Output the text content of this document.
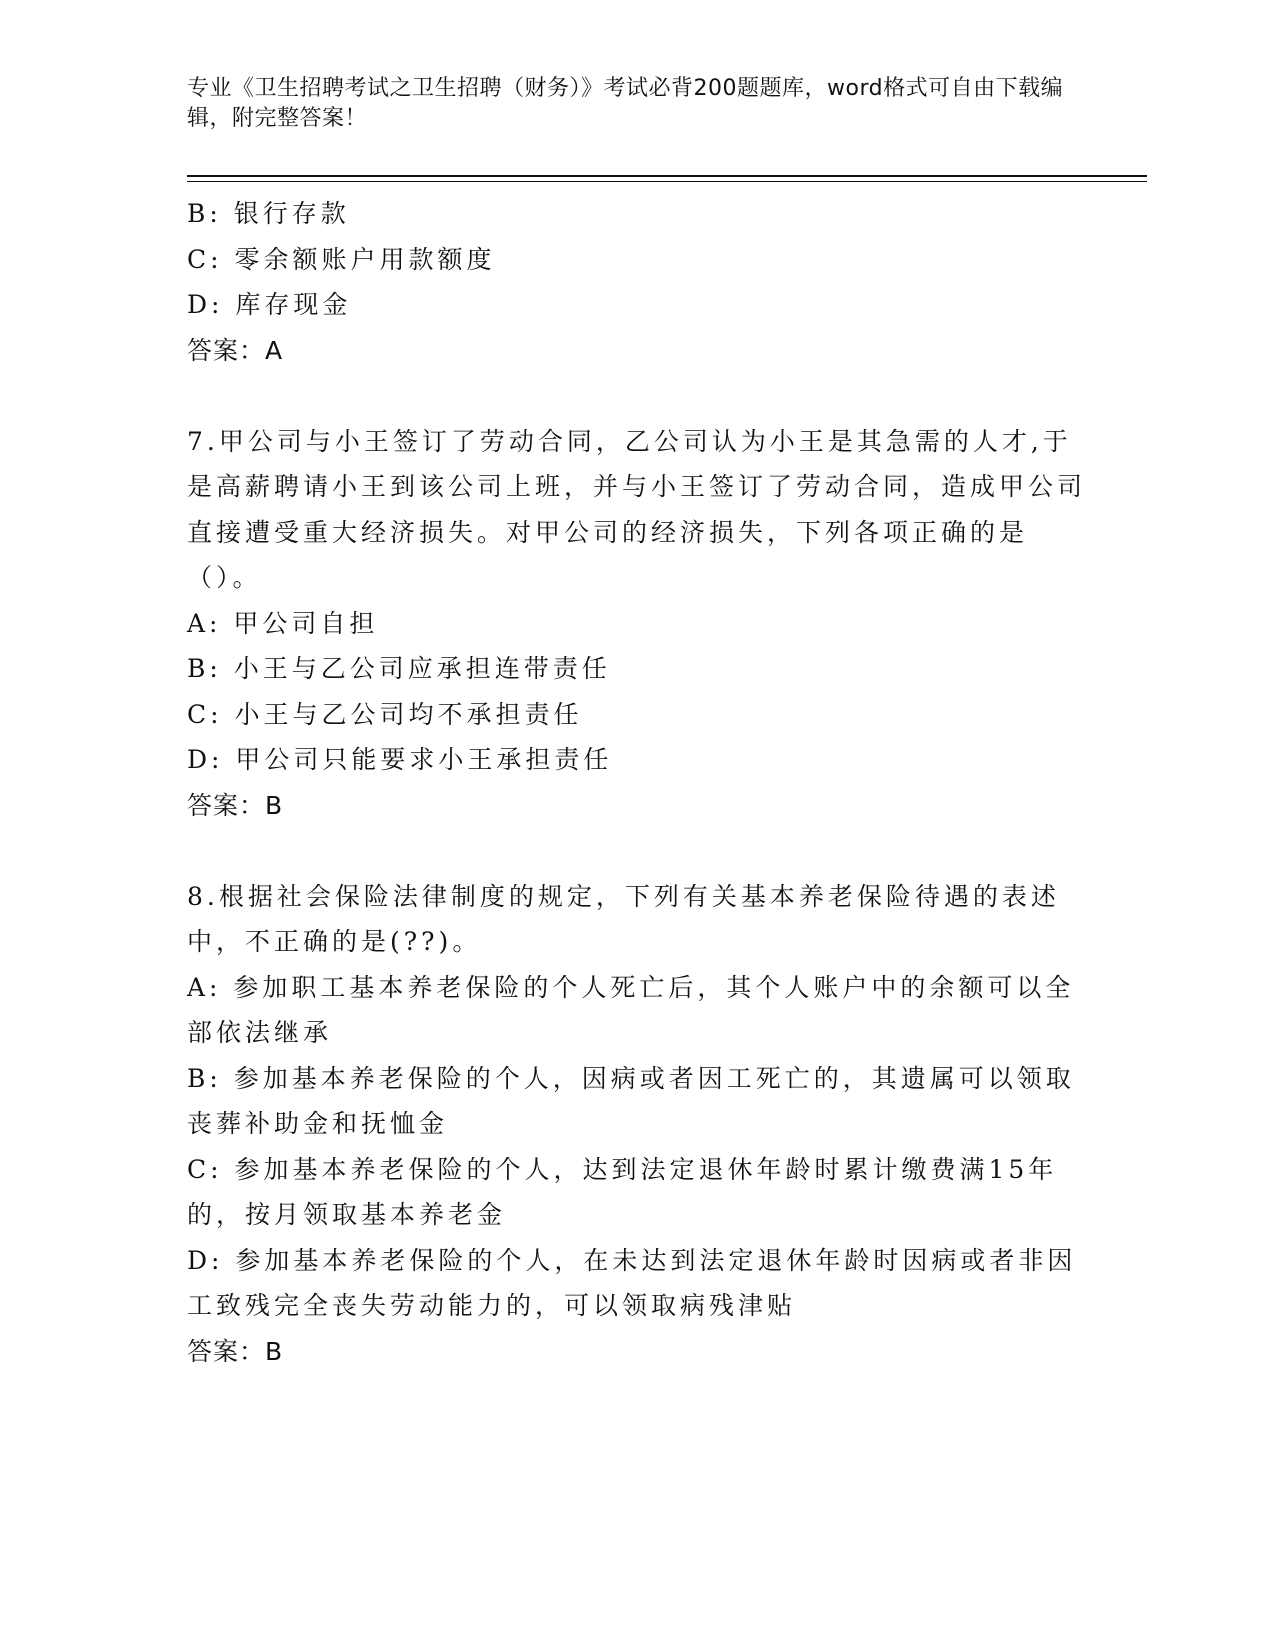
专业《卫生招聘考试之卫生招聘（财务）》考试必背200题题库，word格式可自由下载编辑，附完整答案！

B: 银行存款

C: 零余额账户用款额度

D: 库存现金

答案：A

7.甲公司与小王签订了劳动合同，乙公司认为小王是其急需的人才,于是高薪聘请小王到该公司上班，并与小王签订了劳动合同，造成甲公司直接遭受重大经济损失。对甲公司的经济损失，下列各项正确的是（）。

A: 甲公司自担

B: 小王与乙公司应承担连带责任

C: 小王与乙公司均不承担责任

D: 甲公司只能要求小王承担责任

答案：B

8.根据社会保险法律制度的规定，下列有关基本养老保险待遇的表述中，不正确的是(??)。

A: 参加职工基本养老保险的个人死亡后，其个人账户中的余额可以全部依法继承

B: 参加基本养老保险的个人，因病或者因工死亡的，其遗属可以领取丧葬补助金和抚恤金

C: 参加基本养老保险的个人，达到法定退休年龄时累计缴费满15年的，按月领取基本养老金

D: 参加基本养老保险的个人，在未达到法定退休年龄时因病或者非因工致残完全丧失劳动能力的，可以领取病残津贴

答案：B
